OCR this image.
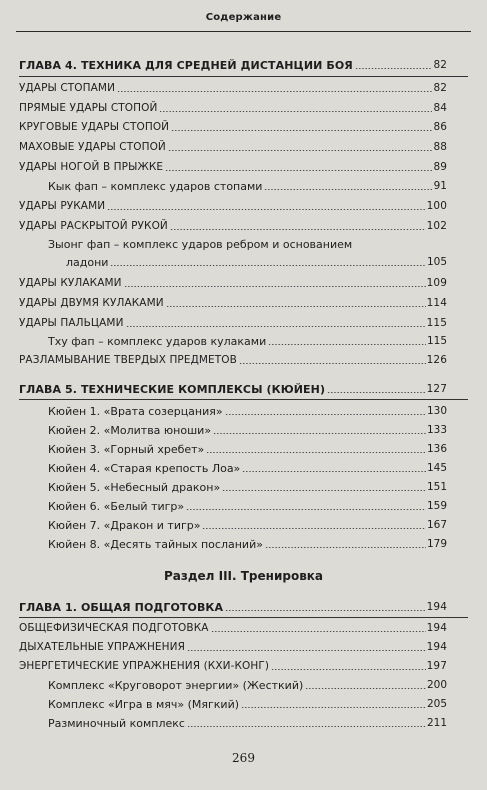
Содержание
ГЛАВА 4. ТЕХНИКА ДЛЯ СРЕДНЕЙ ДИСТАНЦИИ БОЯ	82
УДАРЫ СТОПАМИ	82
ПРЯМЫЕ УДАРЫ СТОПОЙ	84
КРУГОВЫЕ УДАРЫ СТОПОЙ	86
МАХОВЫЕ УДАРЫ СТОПОЙ	88
УДАРЫ НОГОЙ В ПРЫЖКЕ	89
Кык фап – комплекс ударов стопами	91
УДАРЫ РУКАМИ	100
УДАРЫ РАСКРЫТОЙ РУКОЙ	102
Зыонг фап – комплекс ударов ребром и основанием
ладони	105
УДАРЫ КУЛАКАМИ	109
УДАРЫ ДВУМЯ КУЛАКАМИ	114
УДАРЫ ПАЛЬЦАМИ	115
Тху фап – комплекс ударов кулаками	115
РАЗЛАМЫВАНИЕ ТВЕРДЫХ ПРЕДМЕТОВ	126
ГЛАВА 5. ТЕХНИЧЕСКИЕ КОМПЛЕКСЫ (КЮЙЕН)	127
Кюйен 1. «Врата созерцания»	130
Кюйен 2. «Молитва юноши»	133
Кюйен 3. «Горный хребет»	136
Кюйен 4. «Старая крепость Лоа»	145
Кюйен 5. «Небесный дракон»	151
Кюйен 6. «Белый тигр»	159
Кюйен 7. «Дракон и тигр»	167
Кюйен 8. «Десять тайных посланий»	179
Раздел III. Тренировка
ГЛАВА 1. ОБЩАЯ ПОДГОТОВКА	194
ОБЩЕФИЗИЧЕСКАЯ ПОДГОТОВКА	194
ДЫХАТЕЛЬНЫЕ УПРАЖНЕНИЯ	194
ЭНЕРГЕТИЧЕСКИЕ УПРАЖНЕНИЯ (КХИ-КОНГ)	197
Комплекс «Круговорот энергии» (Жесткий)	200
Комплекс «Игра в мяч» (Мягкий)	205
Разминочный комплекс	211
269
